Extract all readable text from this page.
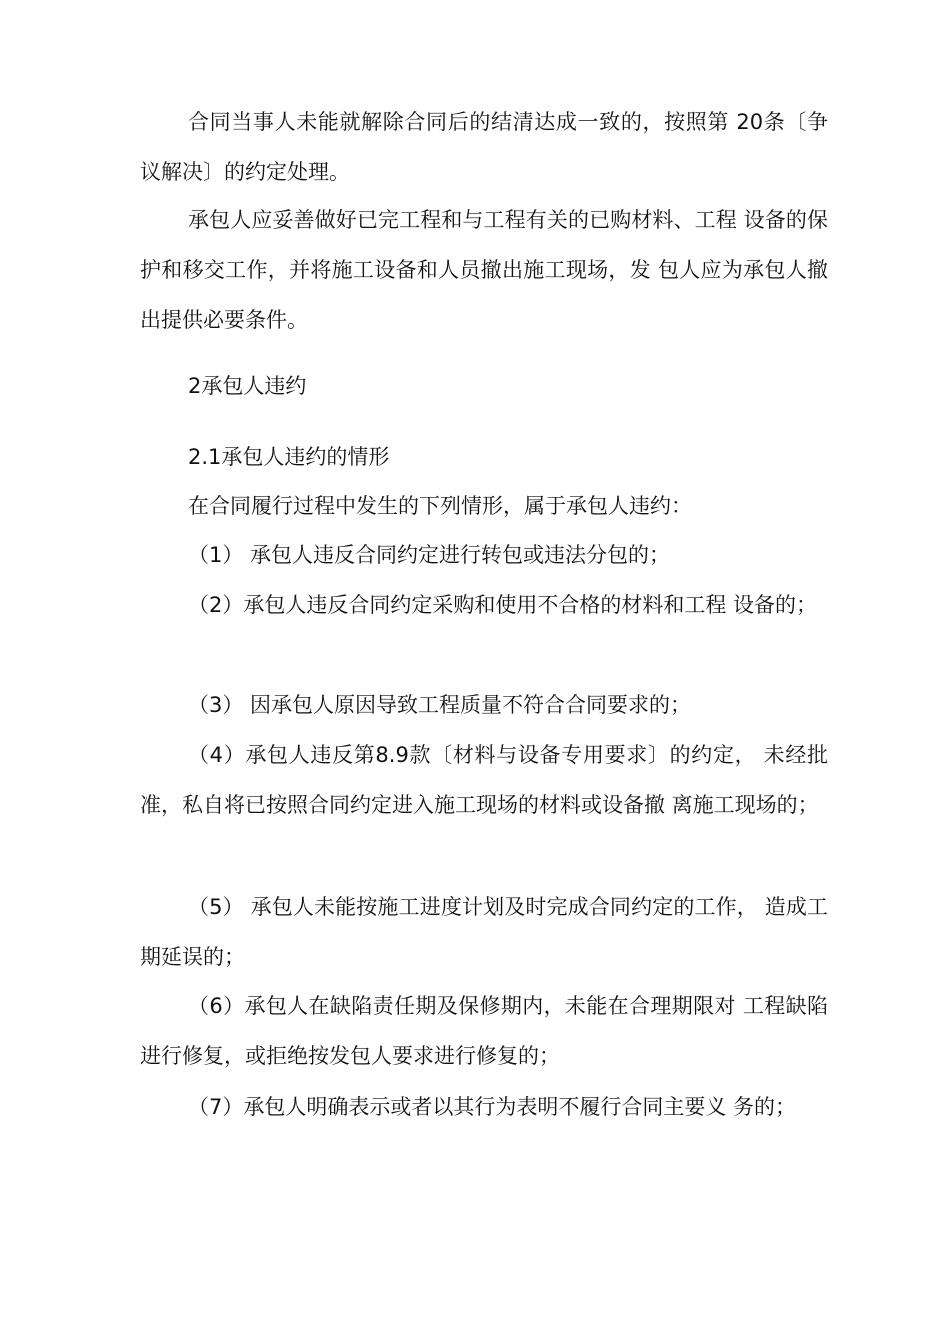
合同当事人未能就解除合同后的结清达成一致的，按照第 20条〔争议解决〕的约定处理。

承包人应妥善做好已完工程和与工程有关的已购材料、工程 设备的保护和移交工作，并将施工设备和人员撤出施工现场，发 包人应为承包人撤出提供必要条件。

2承包人违约

2.1承包人违约的情形

在合同履行过程中发生的下列情形，属于承包人违约：

（1） 承包人违反合同约定进行转包或违法分包的；

（2）承包人违反合同约定采购和使用不合格的材料和工程 设备的；

（3） 因承包人原因导致工程质量不符合合同要求的；

（4）承包人违反第8.9款〔材料与设备专用要求〕的约定， 未经批准，私自将已按照合同约定进入施工现场的材料或设备撤 离施工现场的；

（5） 承包人未能按施工进度计划及时完成合同约定的工作， 造成工期延误的；

（6）承包人在缺陷责任期及保修期内，未能在合理期限对 工程缺陷进行修复，或拒绝按发包人要求进行修复的；

（7）承包人明确表示或者以其行为表明不履行合同主要义 务的；
